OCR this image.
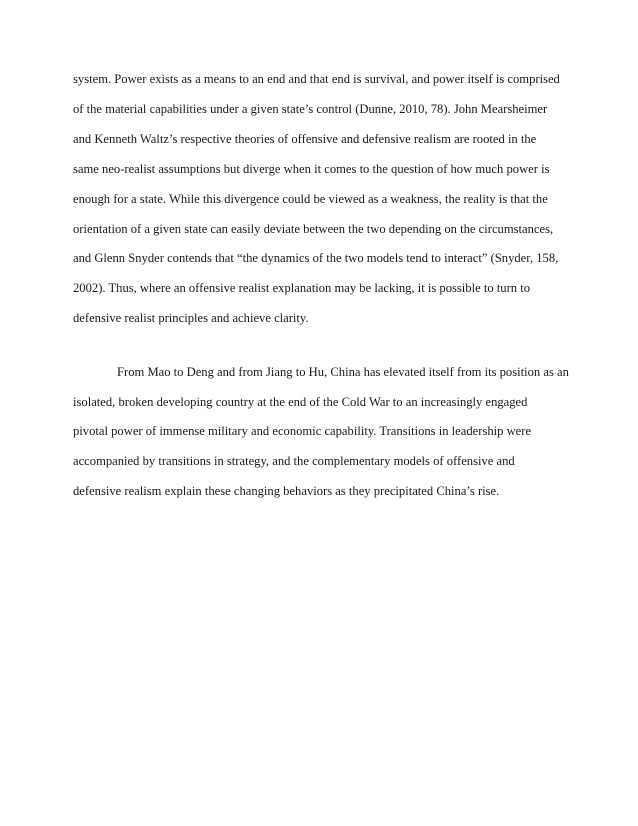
system. Power exists as a means to an end and that end is survival, and power itself is comprised
of the material capabilities under a given state’s control (Dunne, 2010, 78). John Mearsheimer
and Kenneth Waltz’s respective theories of offensive and defensive realism are rooted in the
same neo-realist assumptions but diverge when it comes to the question of how much power is
enough for a state. While this divergence could be viewed as a weakness, the reality is that the
orientation of a given state can easily deviate between the two depending on the circumstances,
and Glenn Snyder contends that “the dynamics of the two models tend to interact” (Snyder, 158,
2002). Thus, where an offensive realist explanation may be lacking, it is possible to turn to
defensive realist principles and achieve clarity.
From Mao to Deng and from Jiang to Hu, China has elevated itself from its position as an
isolated, broken developing country at the end of the Cold War to an increasingly engaged
pivotal power of immense military and economic capability. Transitions in leadership were
accompanied by transitions in strategy, and the complementary models of offensive and
defensive realism explain these changing behaviors as they precipitated China’s rise.
